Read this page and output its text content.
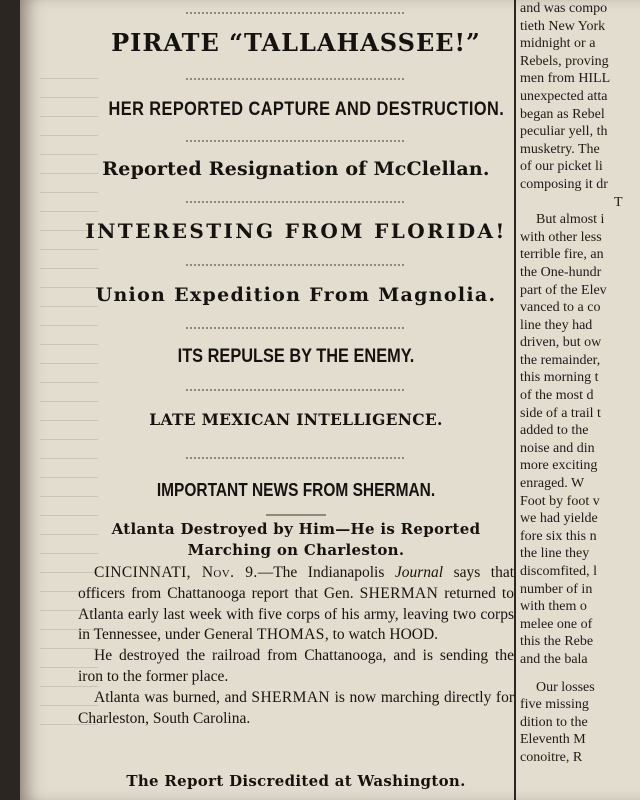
PIRATE “TALLAHASSEE!”
HER REPORTED CAPTURE AND DESTRUCTION.
Reported Resignation of McClellan.
INTERESTING FROM FLORIDA!
Union Expedition From Magnolia.
ITS REPULSE BY THE ENEMY.
LATE MEXICAN INTELLIGENCE.
IMPORTANT NEWS FROM SHERMAN.
Atlanta Destroyed by Him—He is Reported
Marching on Charleston.

CINCINNATI, Nov. 9.—The Indianapolis Journal says that officers from Chattanooga report that Gen. SHERMAN returned to Atlanta early last week with five corps of his army, leaving two corps in Tennessee, under General THOMAS, to watch HOOD.

He destroyed the railroad from Chattanooga, and is sending the iron to the former place.

Atlanta was burned, and SHERMAN is now marching directly for Charleston, South Carolina.

The Report Discredited at Washington.
and was compo
tieth New York
midnight or a
Rebels, proving
men from HILL
unexpected atta
began as Rebel
peculiar yell, th
musketry. The
of our picket li
composing it dr
T
But almost i
with other less
terrible fire, an
the One-hundr
part of the Elev
vanced to a co
line they had
driven, but ow
the remainder,
this morning t
of the most d
side of a trail t
added to the
noise and din
more exciting
enraged. W
Foot by foot v
we had yielde
fore six this n
the line they
discomfited, l
number of in
with them o
melee one of
this the Rebe
and the bala
Our losses
five missing
dition to the
Eleventh M
conoitre, R
